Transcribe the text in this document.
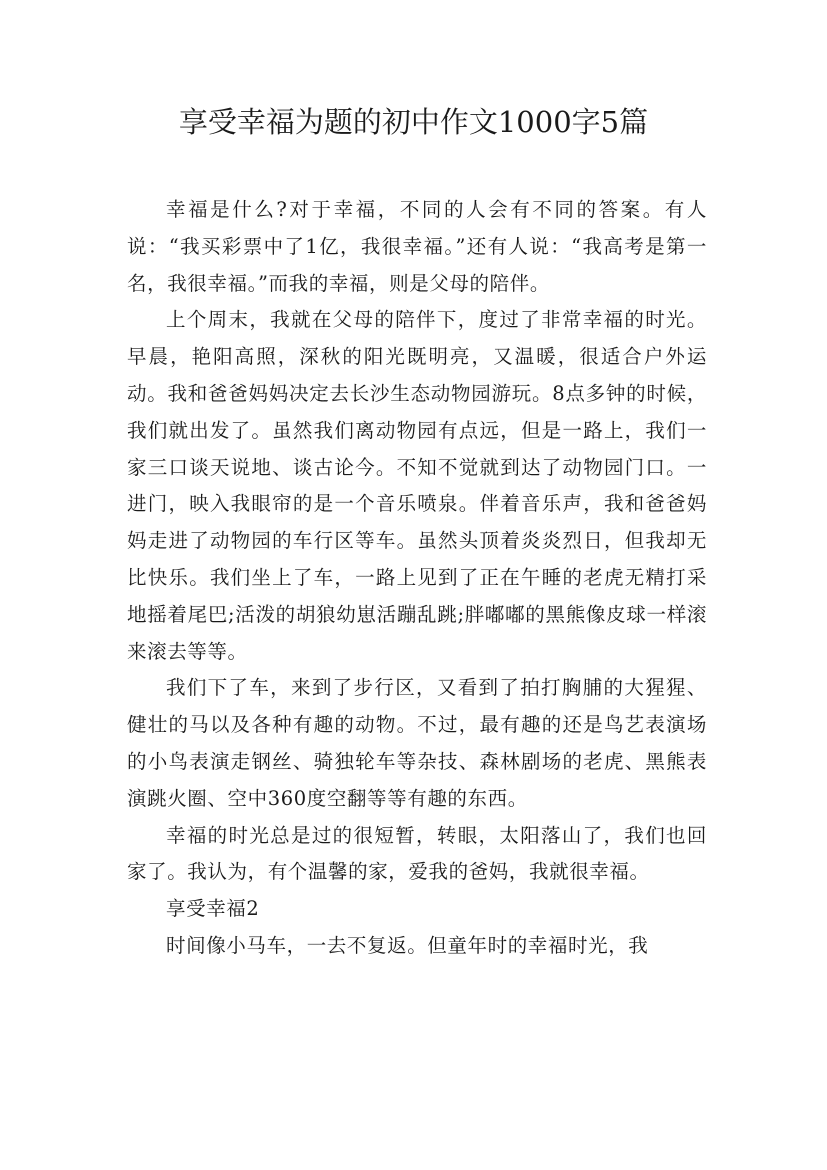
享受幸福为题的初中作文1000字5篇

幸福是什么?对于幸福，不同的人会有不同的答案。有人说：“我买彩票中了1亿，我很幸福。”还有人说：“我高考是第一名，我很幸福。”而我的幸福，则是父母的陪伴。

上个周末，我就在父母的陪伴下，度过了非常幸福的时光。早晨，艳阳高照，深秋的阳光既明亮，又温暖，很适合户外运动。我和爸爸妈妈决定去长沙生态动物园游玩。8点多钟的时候，我们就出发了。虽然我们离动物园有点远，但是一路上，我们一家三口谈天说地、谈古论今。不知不觉就到达了动物园门口。一进门，映入我眼帘的是一个音乐喷泉。伴着音乐声，我和爸爸妈妈走进了动物园的车行区等车。虽然头顶着炎炎烈日，但我却无比快乐。我们坐上了车，一路上见到了正在午睡的老虎无精打采地摇着尾巴;活泼的胡狼幼崽活蹦乱跳;胖嘟嘟的黑熊像皮球一样滚来滚去等等。

我们下了车，来到了步行区，又看到了拍打胸脯的大猩猩、健壮的马以及各种有趣的动物。不过，最有趣的还是鸟艺表演场的小鸟表演走钢丝、骑独轮车等杂技、森林剧场的老虎、黑熊表演跳火圈、空中360度空翻等等有趣的东西。

幸福的时光总是过的很短暂，转眼，太阳落山了，我们也回家了。我认为，有个温馨的家，爱我的爸妈，我就很幸福。

享受幸福2

时间像小马车，一去不复返。但童年时的幸福时光，我
